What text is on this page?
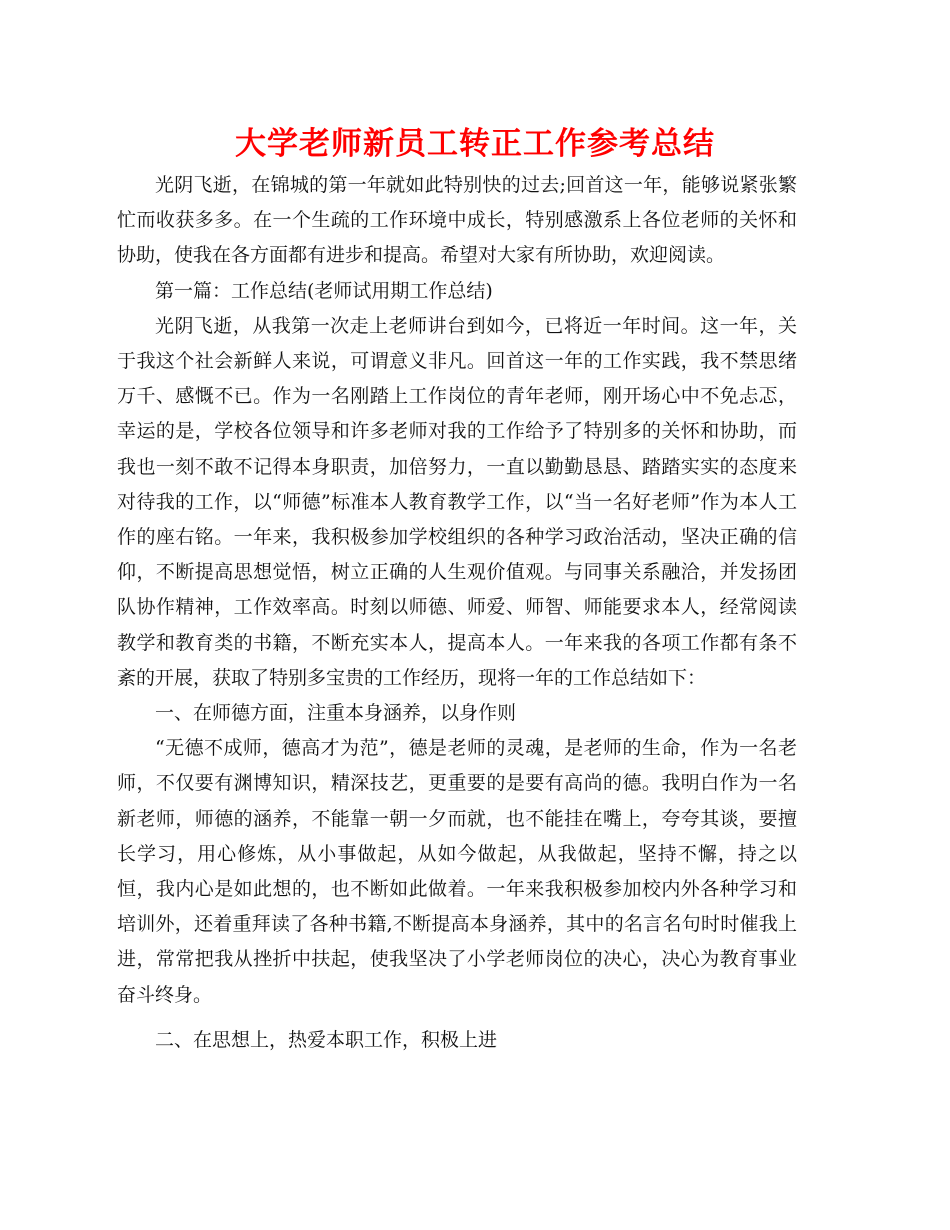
大学老师新员工转正工作参考总结

光阴飞逝，在锦城的第一年就如此特别快的过去;回首这一年，能够说紧张繁忙而收获多多。在一个生疏的工作环境中成长，特别感激系上各位老师的关怀和协助，使我在各方面都有进步和提高。希望对大家有所协助，欢迎阅读。

第一篇：工作总结(老师试用期工作总结)

光阴飞逝，从我第一次走上老师讲台到如今，已将近一年时间。这一年，关于我这个社会新鲜人来说，可谓意义非凡。回首这一年的工作实践，我不禁思绪万千、感慨不已。作为一名刚踏上工作岗位的青年老师，刚开场心中不免忐忑，幸运的是，学校各位领导和许多老师对我的工作给予了特别多的关怀和协助，而我也一刻不敢不记得本身职责，加倍努力，一直以勤勤恳恳、踏踏实实的态度来对待我的工作，以“师德”标准本人教育教学工作，以“当一名好老师”作为本人工作的座右铭。一年来，我积极参加学校组织的各种学习政治活动，坚决正确的信仰，不断提高思想觉悟，树立正确的人生观价值观。与同事关系融洽，并发扬团队协作精神，工作效率高。时刻以师德、师爱、师智、师能要求本人，经常阅读教学和教育类的书籍，不断充实本人，提高本人。一年来我的各项工作都有条不紊的开展，获取了特别多宝贵的工作经历，现将一年的工作总结如下：

一、在师德方面，注重本身涵养，以身作则

“无德不成师，德高才为范”，德是老师的灵魂，是老师的生命，作为一名老师，不仅要有渊博知识，精深技艺，更重要的是要有高尚的德。我明白作为一名新老师，师德的涵养，不能靠一朝一夕而就，也不能挂在嘴上，夸夸其谈，要擅长学习，用心修炼，从小事做起，从如今做起，从我做起，坚持不懈，持之以恒，我内心是如此想的，也不断如此做着。一年来我积极参加校内外各种学习和培训外，还着重拜读了各种书籍,不断提高本身涵养，其中的名言名句时时催我上进，常常把我从挫折中扶起，使我坚决了小学老师岗位的决心，决心为教育事业奋斗终身。

二、在思想上，热爱本职工作，积极上进
